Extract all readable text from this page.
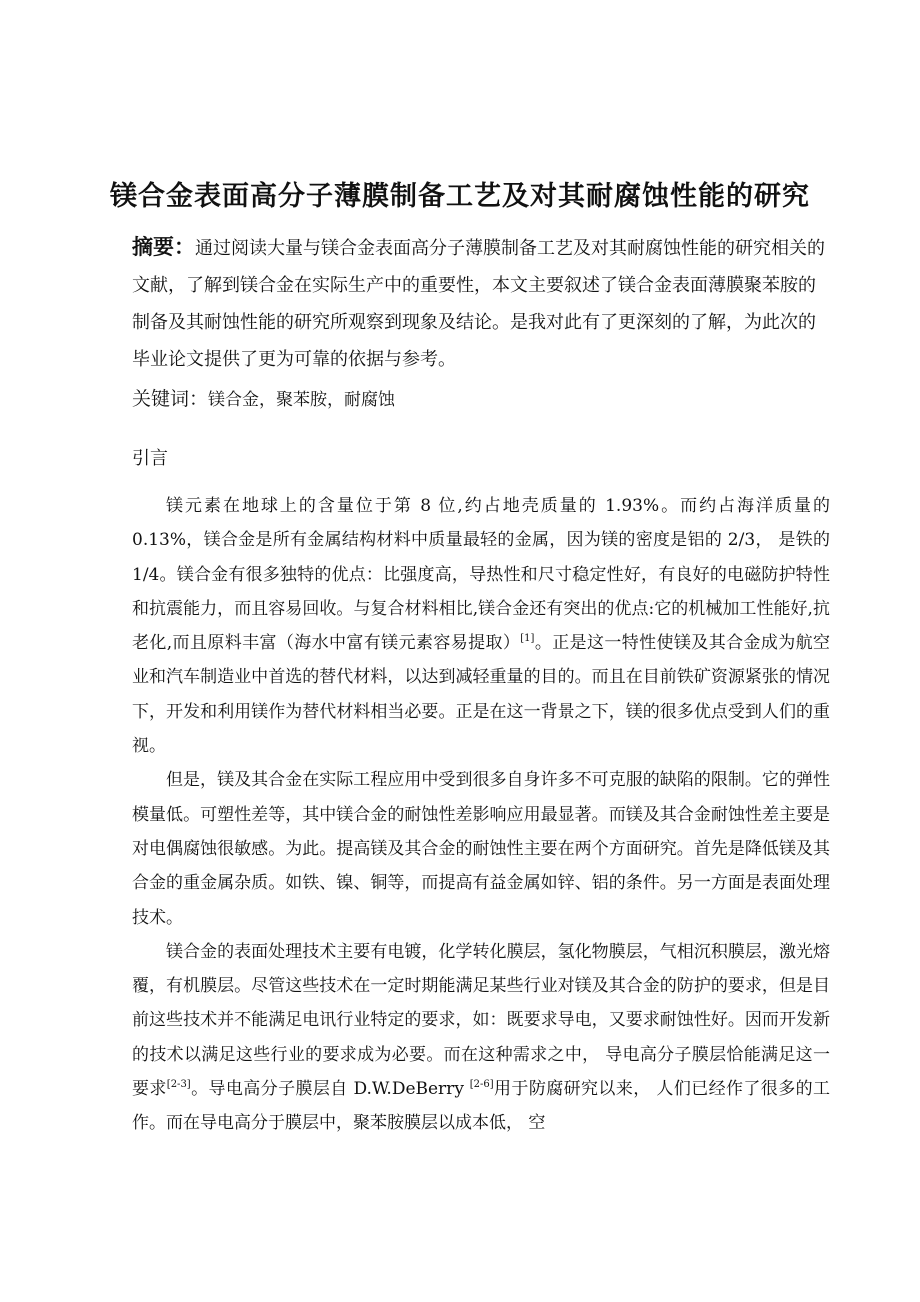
镁合金表面高分子薄膜制备工艺及对其耐腐蚀性能的研究
摘要：通过阅读大量与镁合金表面高分子薄膜制备工艺及对其耐腐蚀性能的研究相关的文献，了解到镁合金在实际生产中的重要性，本文主要叙述了镁合金表面薄膜聚苯胺的制备及其耐蚀性能的研究所观察到现象及结论。是我对此有了更深刻的了解，为此次的毕业论文提供了更为可靠的依据与参考。
关键词：镁合金，聚苯胺，耐腐蚀
引言

镁元素在地球上的含量位于第 8 位,约占地壳质量的 1.93%。而约占海洋质量的 0.13%，镁合金是所有金属结构材料中质量最轻的金属，因为镁的密度是铝的 2/3， 是铁的 1/4。镁合金有很多独特的优点：比强度高，导热性和尺寸稳定性好，有良好的电磁防护特性和抗震能力，而且容易回收。与复合材料相比,镁合金还有突出的优点:它的机械加工性能好,抗老化,而且原料丰富（海水中富有镁元素容易提取）[1]。正是这一特性使镁及其合金成为航空业和汽车制造业中首选的替代材料，以达到减轻重量的目的。而且在目前铁矿资源紧张的情况下，开发和利用镁作为替代材料相当必要。正是在这一背景之下，镁的很多优点受到人们的重视。

但是，镁及其合金在实际工程应用中受到很多自身许多不可克服的缺陷的限制。它的弹性模量低。可塑性差等，其中镁合金的耐蚀性差影响应用最显著。而镁及其合金耐蚀性差主要是对电偶腐蚀很敏感。为此。提高镁及其合金的耐蚀性主要在两个方面研究。首先是降低镁及其合金的重金属杂质。如铁、镍、铜等，而提高有益金属如锌、铝的条件。另一方面是表面处理技术。

镁合金的表面处理技术主要有电镀，化学转化膜层，氢化物膜层，气相沉积膜层，激光熔覆，有机膜层。尽管这些技术在一定时期能满足某些行业对镁及其合金的防护的要求，但是目前这些技术并不能满足电讯行业特定的要求，如：既要求导电，又要求耐蚀性好。因而开发新的技术以满足这些行业的要求成为必要。而在这种需求之中， 导电高分子膜层恰能满足这一要求[2-3]。导电高分子膜层自 D.W.DeBerry [2-6]用于防腐研究以来， 人们已经作了很多的工作。而在导电高分于膜层中，聚苯胺膜层以成本低， 空
